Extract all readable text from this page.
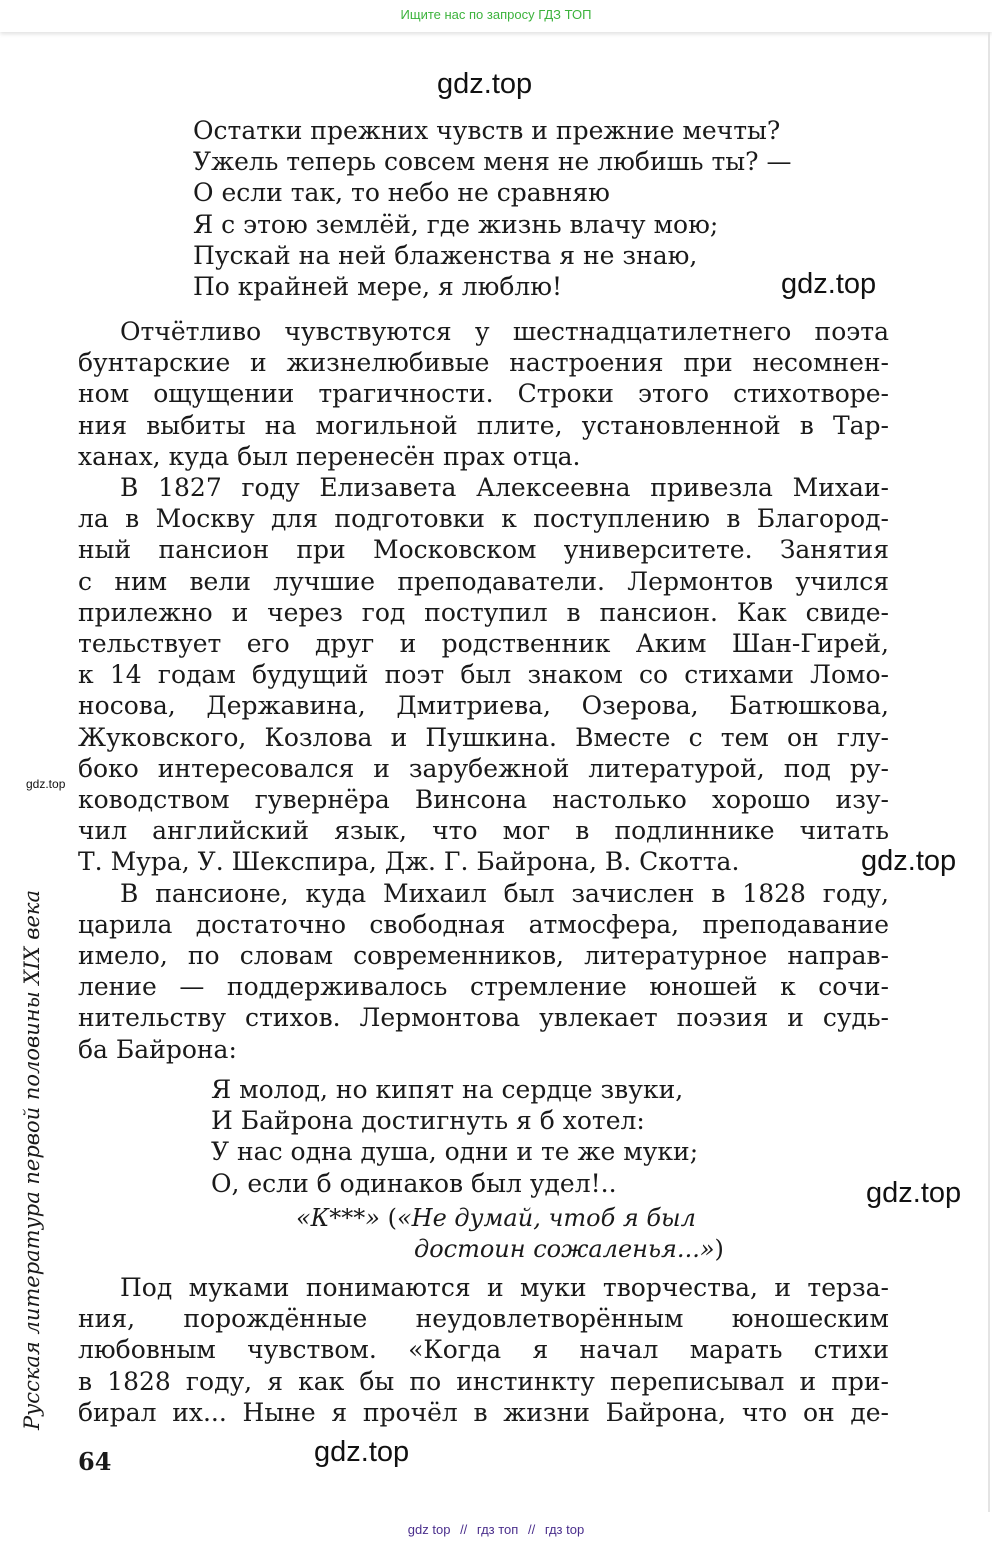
Ищите нас по запросу ГДЗ ТОП
gdz.top
Остатки прежних чувств и прежние мечты?
Ужель теперь совсем меня не любишь ты? —
О если так, то небо не сравняю
Я с этою землёй, где жизнь влачу мою;
Пускай на ней блаженства я не знаю,
По крайней мере, я люблю!	gdz.top
Отчётливо чувствуются у шестнадцатилетнего поэта
бунтарские и жизнелюбивые настроения при несомнен-
ном ощущении трагичности. Строки этого стихотворе-
ния выбиты на могильной плите, установленной в Тар-
ханах, куда был перенесён прах отца.
В 1827 году Елизавета Алексеевна привезла Михаи-
ла в Москву для подготовки к поступлению в Благород-
ный пансион при Московском университете. Занятия
с ним вели лучшие преподаватели. Лермонтов учился
прилежно и через год поступил в пансион. Как свиде-
тельствует его друг и родственник Аким Шан-Гирей,
к 14 годам будущий поэт был знаком со стихами Ломо-
носова, Державина, Дмитриева, Озерова, Батюшкова,
Жуковского, Козлова и Пушкина. Вместе с тем он глу-
боко интересовался и зарубежной литературой, под ру-
ководством гувернёра Винсона настолько хорошо изу-
чил английский язык, что мог в подлиннике читать
Т. Мура, У. Шекспира, Дж. Г. Байрона, В. Скотта.
В пансионе, куда Михаил был зачислен в 1828 году,
царила достаточно свободная атмосфера, преподавание
имело, по словам современников, литературное направ-
ление — поддерживалось стремление юношей к сочи-
нительству стихов. Лермонтова увлекает поэзия и судь-
ба Байрона:
gdz.top
gdz.top
Я молод, но кипят на сердце звуки,
И Байрона достигнуть я б хотел:
У нас одна душа, одни и те же муки;
О, если б одинаков был удел!..	gdz.top
«К***» («Не думай, чтоб я был
достоин сожаленья...»)
Под муками понимаются и муки творчества, и терза-
ния, порождённые неудовлетворённым юношеским
любовным чувством. «Когда я начал марать стихи
в 1828 году, я как бы по инстинкту переписывал и при-
бирал их... Ныне я прочёл в жизни Байрона, что он де-
Русская литература первой половины XIX века
64	gdz.top
gdz top // гдз топ // гдз top
